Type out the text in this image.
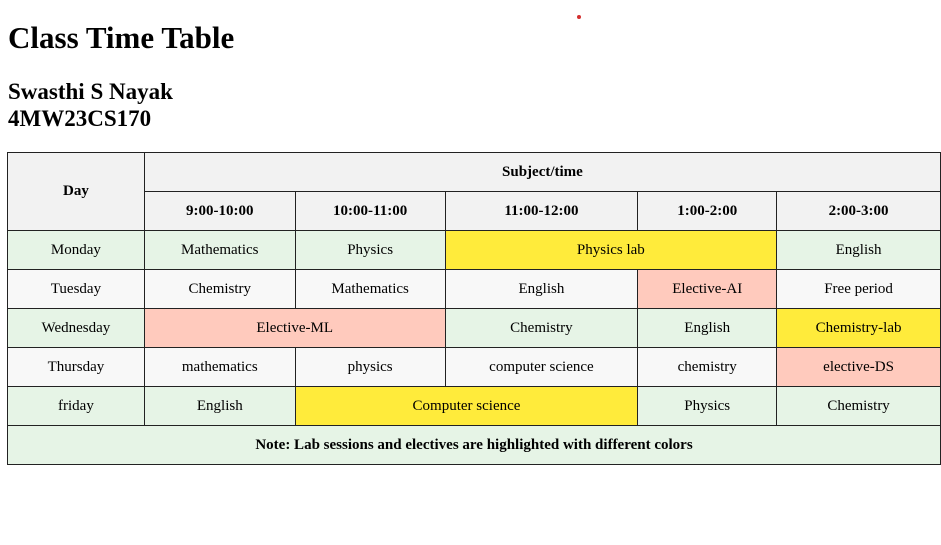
Class Time Table
Swasthi S Nayak
4MW23CS170
Day	Subject/time				
	9:00-10:00	10:00-11:00	11:00-12:00	1:00-2:00	2:00-3:00
Monday	Mathematics	Physics	Physics lab		English
Tuesday	Chemistry	Mathematics	English	Elective-AI	Free period
Wednesday	Elective-ML		Chemistry	English	Chemistry-lab
Thursday	mathematics	physics	computer science	chemistry	elective-DS
friday	English	Computer science		Physics	Chemistry
Note: Lab sessions and electives are highlighted with different colors					
